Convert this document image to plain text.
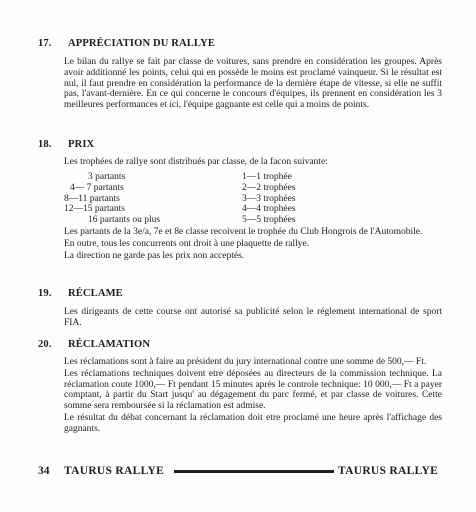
17. APPRÉCIATION DU RALLYE

Le bilan du rallye se fait par classe de voitures, sans prendre en considération les groupes. Après avoir additionné les points, celui qui en possède le moins est proclamé vainqueur. Si le résultat est nul, il faut prendre en considération la performance de la dernière étape de vitesse, si elle ne suffit pas, l'avant-dernière. En ce qui concerne le concours d'équipes, ils prennent en considération les 3 meilleures performances et ici, l'équipe gagnante est celle qui a moins de points.

18. PRIX

Les trophées de rallye sont distribués par classe, de la facon suivante:

3 partants	1—1 trophée
4— 7 partants	2—2 trophées
8—11 partants	3—3 trophées
12—15 partants	4—4 trophées
16 partants ou plus	5—5 trophées

Les partants de la 3e/a, 7e et 8e classe recoivent le trophée du Club Hongrois de l'Automobile.

En outre, tous les concurrents ont droit à une plaquette de rallye.

La direction ne garde pas les prix non acceptés.

19. RÉCLAME

Les dirigeants de cette course ont autorisé sa publicité selon le réglement international de sport FIA.

20. RÉCLAMATION

Les réclamations sont à faire au président du jury international contre une somme de 500,— Ft.

Les réclamations techniques doivent etre déposées au directeurs de la commission technique. La réclamation coute 1000,— Ft pendant 15 minutes après le controle technique: 10 000,— Ft a payer comptant, à partir du Start jusqu' au dégagement du parc fermé, et par classe de voitures. Cette somme sera remboursée si la réclamation est admise.

Le résultat du débat concernant la réclamation doit etre proclamé une heure après l'affichage des gagnants.

34 TAURUS RALLYE	TAURUS RALLYE
